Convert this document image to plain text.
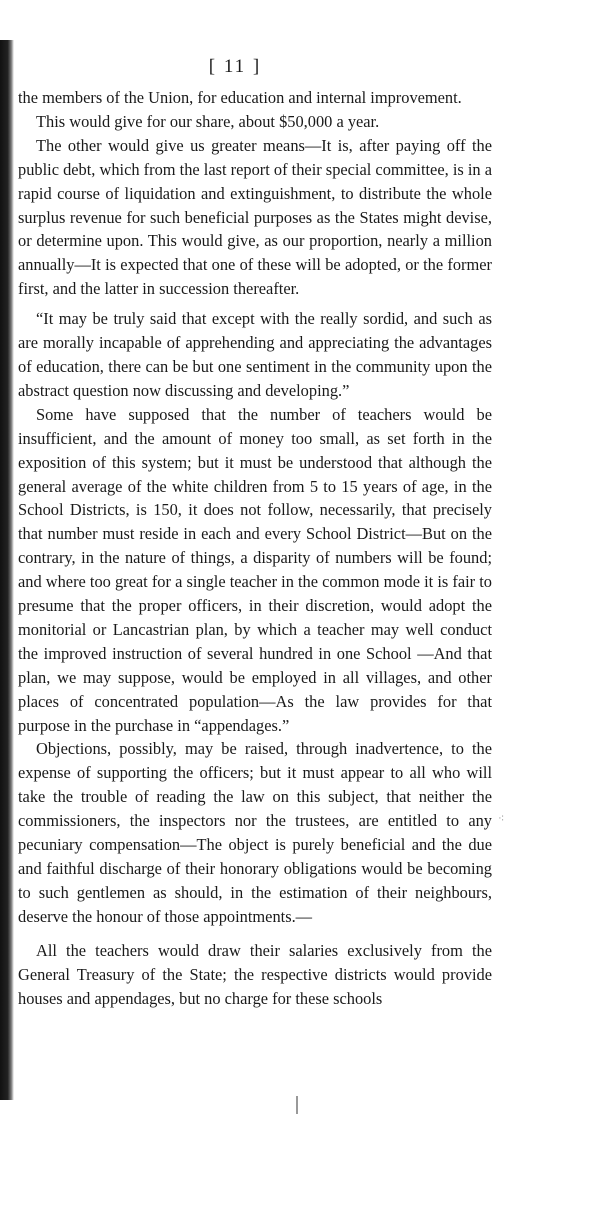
[ 11 ]

the members of the Union, for education and internal improvement.

This would give for our share, about $50,000 a year.

The other would give us greater means—It is, after paying off the public debt, which from the last report of their special committee, is in a rapid course of liquidation and extinguishment, to distribute the whole surplus revenue for such beneficial purposes as the States might devise, or determine upon. This would give, as our proportion, nearly a million annually—It is expected that one of these will be adopted, or the former first, and the latter in succession thereafter.

“It may be truly said that except with the really sordid, and such as are morally incapable of apprehending and appreciating the advantages of education, there can be but one sentiment in the community upon the abstract question now discussing and developing.”

Some have supposed that the number of teachers would be insufficient, and the amount of money too small, as set forth in the exposition of this system; but it must be understood that although the general average of the white children from 5 to 15 years of age, in the School Districts, is 150, it does not follow, necessarily, that precisely that number must reside in each and every School District—But on the contrary, in the nature of things, a disparity of numbers will be found; and where too great for a single teacher in the common mode it is fair to presume that the proper officers, in their discretion, would adopt the monitorial or Lancastrian plan, by which a teacher may well conduct the improved instruction of several hundred in one School —And that plan, we may suppose, would be employed in all villages, and other places of concentrated population—As the law provides for that purpose in the purchase in “appendages.”

Objections, possibly, may be raised, through inadvertence, to the expense of supporting the officers; but it must appear to all who will take the trouble of reading the law on this subject, that neither the commissioners, the inspectors nor the trustees, are entitled to any pecuniary compensation—The object is purely beneficial and the due and faithful discharge of their honorary obligations would be becoming to such gentlemen as should, in the estimation of their neighbours, deserve the honour of those appointments.—

All the teachers would draw their salaries exclusively from the General Treasury of the State; the respective districts would provide houses and appendages, but no charge for these schools

⁖
